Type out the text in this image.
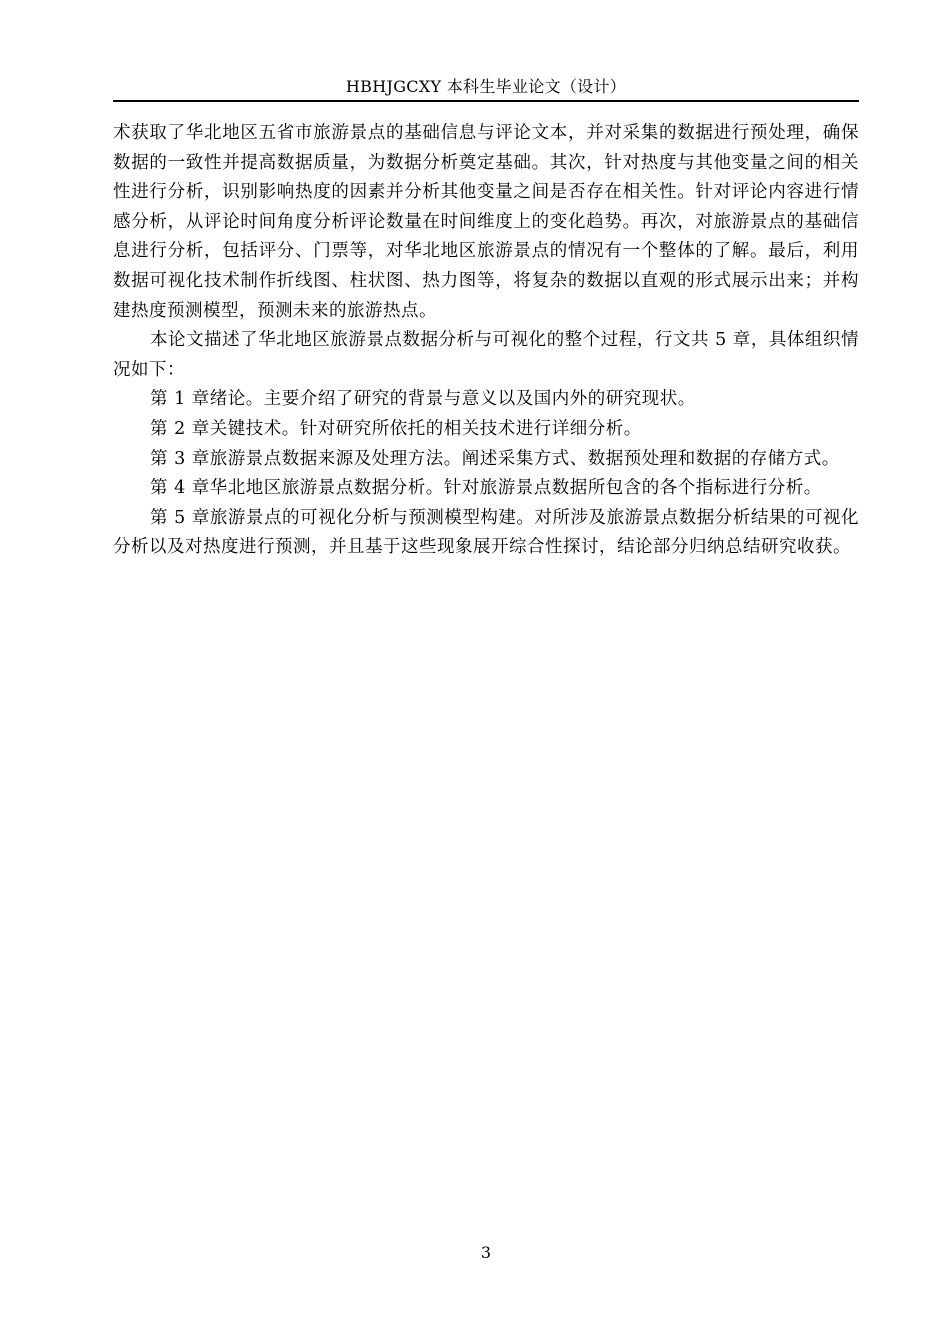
HBHJGCXY 本科生毕业论文（设计）

术获取了华北地区五省市旅游景点的基础信息与评论文本，并对采集的数据进行预处理，确保数据的一致性并提高数据质量，为数据分析奠定基础。其次，针对热度与其他变量之间的相关性进行分析，识别影响热度的因素并分析其他变量之间是否存在相关性。针对评论内容进行情感分析，从评论时间角度分析评论数量在时间维度上的变化趋势。再次，对旅游景点的基础信息进行分析，包括评分、门票等，对华北地区旅游景点的情况有一个整体的了解。最后，利用数据可视化技术制作折线图、柱状图、热力图等，将复杂的数据以直观的形式展示出来；并构建热度预测模型，预测未来的旅游热点。

本论文描述了华北地区旅游景点数据分析与可视化的整个过程，行文共 5 章，具体组织情况如下：

第 1 章绪论。主要介绍了研究的背景与意义以及国内外的研究现状。

第 2 章关键技术。针对研究所依托的相关技术进行详细分析。

第 3 章旅游景点数据来源及处理方法。阐述采集方式、数据预处理和数据的存储方式。

第 4 章华北地区旅游景点数据分析。针对旅游景点数据所包含的各个指标进行分析。

第 5 章旅游景点的可视化分析与预测模型构建。对所涉及旅游景点数据分析结果的可视化分析以及对热度进行预测，并且基于这些现象展开综合性探讨，结论部分归纳总结研究收获。

3
